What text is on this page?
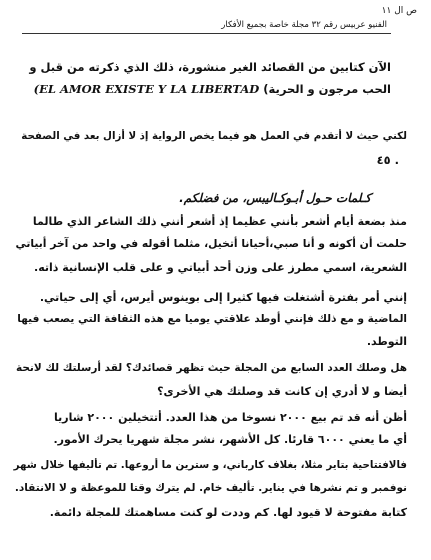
ص ال ١١
الفنيو عربيس رقم ٣٢ مجلة خاصة بجميع الأفكار
الآن كتابين من القصائد الغير منشورة، ذلك الذي ذكرته من قبل و
الحب مرجون و الحرية) (EL AMOR EXISTE Y LA LIBERTAD
لكني حيث لا أتقدم في العمل هو فيما يخص الرواية إذ لا أزال بعد في الصفحة
٤٥ .
كـلمات حـول أبـوكـاليبس، من فضلكم.
منذ بضعة أيام أشعر بأنني عظيما إذ أشعر أنني ذلك الشاعر الذي طالما
حلمت أن أكونه و أنا صبي،أحيانا أتخيل، مثلما أقوله في واحد من آخر أبياتي
الشعرية، اسمي مطرز على وزن أحد أبياتي و على قلب الإنسانية ذاته.
إنني أمر بفترة أشتغلت فيها كثيرا إلى بوينوس أيرس، أي إلى حياتي.
الماضية و مع ذلك فإنني أوطد علاقتي يوميا مع هذه الثقافة التي يصعب فيها
التوطد.
هل وصلك العدد السابع من المجلة حيث تظهر قصائدك؟ لقد أرسلتك لك لانحة
أيضا و لا أدري إن كانت قد وصلتك هي الأخرى؟
أظن أنه قد تم بيع ٢٠٠٠ نسوخا من هذا العدد. أتتخيلين ٢٠٠٠ شاريا
أي ما يعني ٦٠٠٠ قارئا. كل الأشهر، نشر مجلة شهريا يحرك الأمور.
فالافتتاحية بتاير مثلا، بغلاف كارباني، و سترين ما أروعها. تم تأليفها خلال شهر
نوفمبر و تم نشرها في يناير. تأليف خام. لم يترك وقتا للموعظة و لا الانتقاد.
كتابة مفتوحة لا قيود لها. كم وددت لو كنت مساهمتك للمجلة دائمة.
